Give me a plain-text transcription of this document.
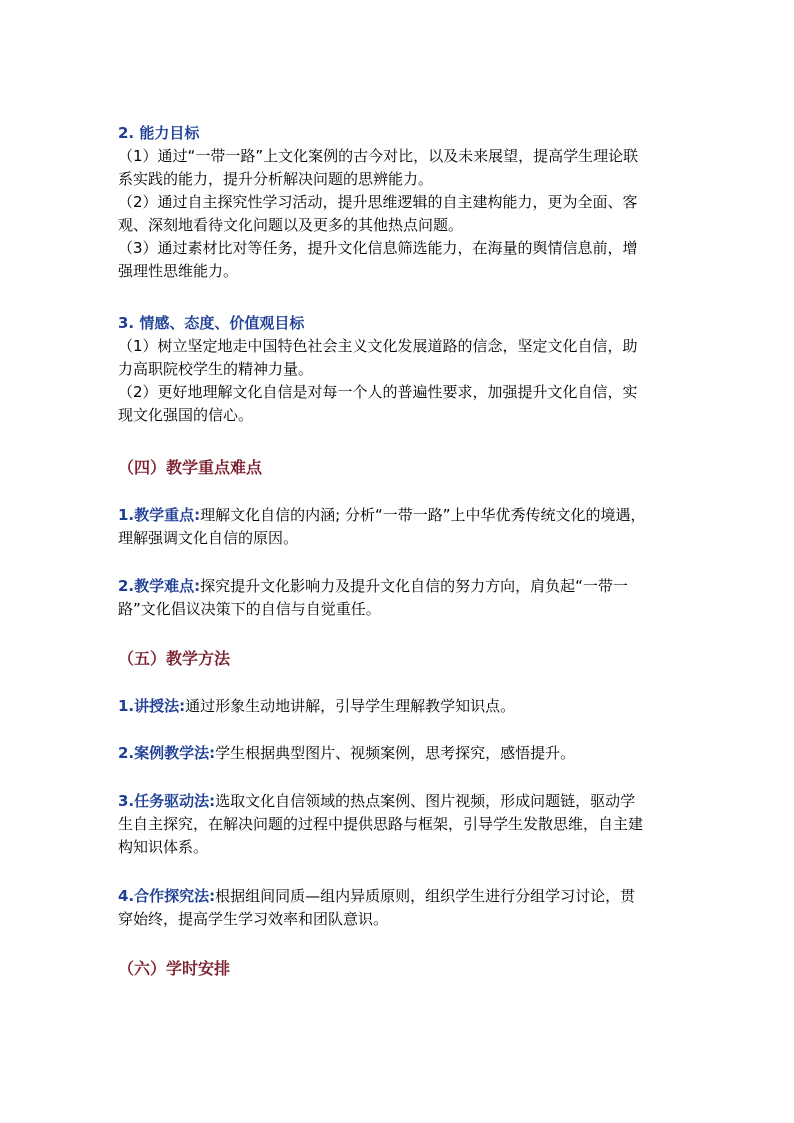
2. 能力目标
（1）通过“一带一路”上文化案例的古今对比，以及未来展望，提高学生理论联
系实践的能力，提升分析解决问题的思辨能力。
（2）通过自主探究性学习活动，提升思维逻辑的自主建构能力，更为全面、客
观、深刻地看待文化问题以及更多的其他热点问题。
（3）通过素材比对等任务，提升文化信息筛选能力，在海量的舆情信息前，增
强理性思维能力。
3. 情感、态度、价值观目标
（1）树立坚定地走中国特色社会主义文化发展道路的信念，坚定文化自信，助
力高职院校学生的精神力量。
（2）更好地理解文化自信是对每一个人的普遍性要求，加强提升文化自信，实
现文化强国的信心。
（四）教学重点难点
1.教学重点:理解文化自信的内涵; 分析“一带一路”上中华优秀传统文化的境遇，
理解强调文化自信的原因。
2.教学难点:探究提升文化影响力及提升文化自信的努力方向，肩负起“一带一
路”文化倡议决策下的自信与自觉重任。
（五）教学方法
1.讲授法:通过形象生动地讲解，引导学生理解教学知识点。
2.案例教学法:学生根据典型图片、视频案例，思考探究，感悟提升。
3.任务驱动法:选取文化自信领域的热点案例、图片视频，形成问题链，驱动学
生自主探究，在解决问题的过程中提供思路与框架，引导学生发散思维，自主建
构知识体系。
4.合作探究法:根据组间同质—组内异质原则，组织学生进行分组学习讨论，贯
穿始终，提高学生学习效率和团队意识。
（六）学时安排
